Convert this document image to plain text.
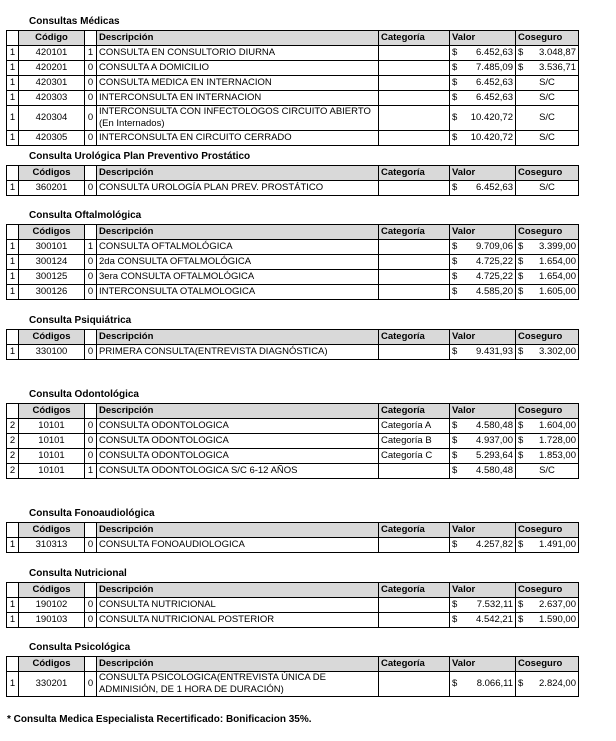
Consultas Médicas
	Código		Descripción	Categoría	Valor	Coseguro
1	420101	1	CONSULTA EN CONSULTORIO DIURNA		$ 6.452,63	$ 3.048,87

1	420201	0	CONSULTA A DOMICILIO		$ 7.485,09	$ 3.536,71

1	420301	0	CONSULTA MEDICA EN INTERNACION		$ 6.452,63	S/C
1	420303	0	INTERCONSULTA EN INTERNACION		$ 6.452,63	S/C
1	420304	0	INTERCONSULTA CON INFECTOLOGOS CIRCUITO ABIERTO (En Internados)		$ 10.420,72	S/C
1	420305	0	INTERCONSULTA EN CIRCUITO CERRADO		$ 10.420,72	S/C
Consulta Urológica Plan Preventivo Prostático
	Códigos		Descripción	Categoría	Valor	Coseguro
1	360201	0	CONSULTA UROLOGÍA PLAN PREV. PROSTÁTICO		$ 6.452,63	S/C
Consulta Oftalmológica
	Códigos		Descripción	Categoría	Valor	Coseguro
1	300101	1	CONSULTA OFTALMOLÓGICA		$ 9.709,06	$ 3.399,00

1	300124	0	2da CONSULTA OFTALMOLÓGICA		$ 4.725,22	$ 1.654,00

1	300125	0	3era CONSULTA OFTALMOLÓGICA		$ 4.725,22	$ 1.654,00

1	300126	0	INTERCONSULTA OTALMOLOGICA		$ 4.585,20	$ 1.605,00
Consulta Psiquiátrica
	Códigos		Descripción	Categoría	Valor	Coseguro
1	330100	0	PRIMERA CONSULTA(ENTREVISTA DIAGNÓSTICA)		$ 9.431,93	$ 3.302,00
Consulta Odontológica
	Códigos		Descripción	Categoría	Valor	Coseguro
2	10101	0	CONSULTA ODONTOLOGICA	Categoría A	$ 4.580,48	$ 1.604,00

2	10101	0	CONSULTA ODONTOLOGICA	Categoría B	$ 4.937,00	$ 1.728,00

2	10101	0	CONSULTA ODONTOLOGICA	Categoría C	$ 5.293,64	$ 1.853,00

2	10101	1	CONSULTA ODONTOLOGICA S/C 6-12 AÑOS		$ 4.580,48	S/C
Consulta Fonoaudiológica
	Códigos		Descripción	Categoría	Valor	Coseguro
1	310313	0	CONSULTA FONOAUDIOLOGICA		$ 4.257,82	$ 1.491,00
Consulta Nutricional
	Códigos		Descripción	Categoría	Valor	Coseguro
1	190102	0	CONSULTA NUTRICIONAL		$ 7.532,11	$ 2.637,00

1	190103	0	CONSULTA NUTRICIONAL POSTERIOR		$ 4.542,21	$ 1.590,00
Consulta Psicológica
	Códigos		Descripción	Categoría	Valor	Coseguro
1	330201	0	CONSULTA PSICOLOGICA(ENTREVISTA ÚNICA DE ADMINISIÓN, DE 1 HORA DE DURACIÓN)		$ 8.066,11	$ 2.824,00
* Consulta Medica Especialista Recertificado: Bonificacion 35%.
